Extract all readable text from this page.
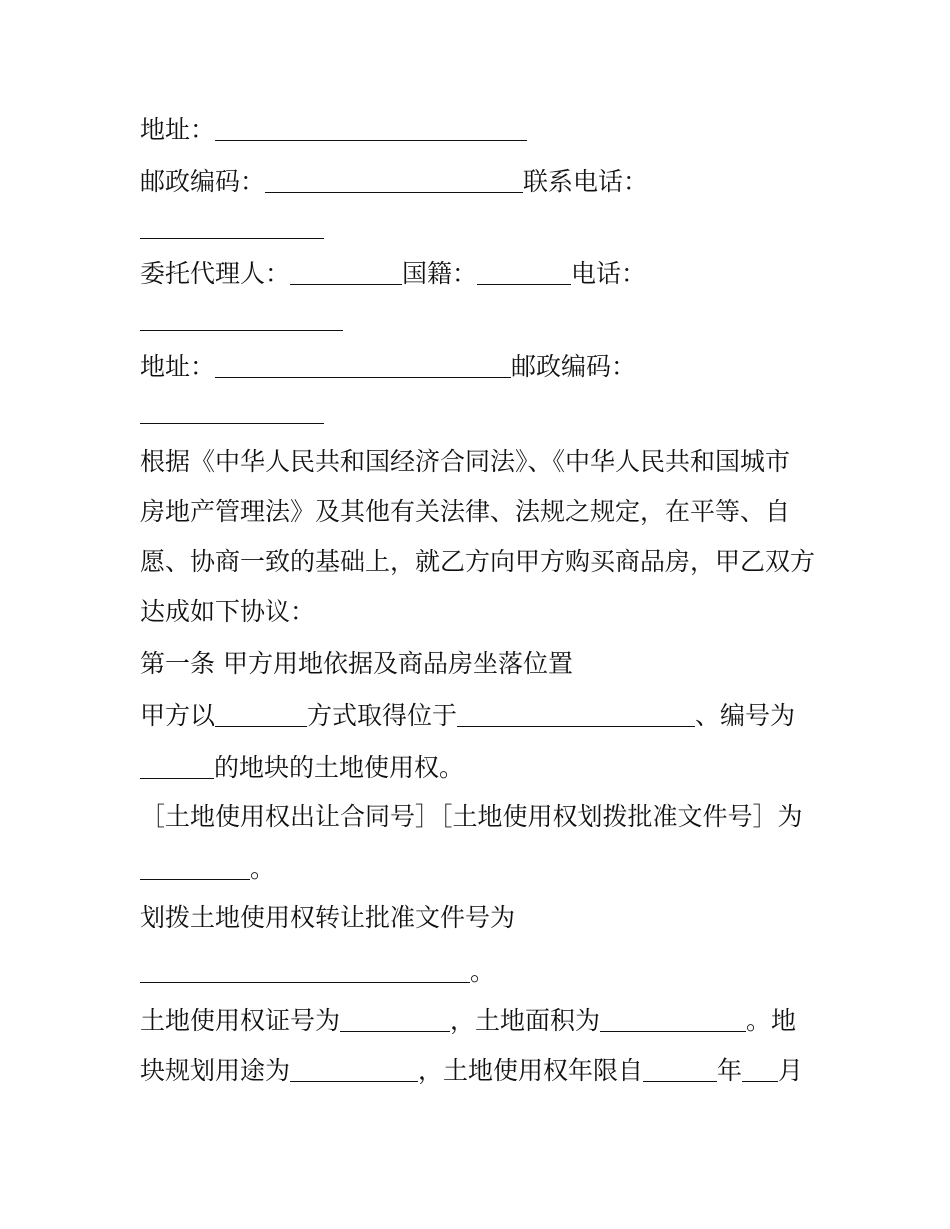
地址：
邮政编码：	联系电话：
委托代理人：	国籍：	电话：
地址：	邮政编码：
根据《中华人民共和国经济合同法》、《中华人民共和国城市
房地产管理法》及其他有关法律、法规之规定，在平等、自
愿、协商一致的基础上，就乙方向甲方购买商品房，甲乙双方
达成如下协议：
第一条 甲方用地依据及商品房坐落位置
甲方以	方式取得位于	、编号为
的地块的土地使用权。
［土地使用权出让合同号］［土地使用权划拨批准文件号］为
。
划拨土地使用权转让批准文件号为
。
土地使用权证号为	，土地面积为	。地
块规划用途为	，土地使用权年限自	年 月
